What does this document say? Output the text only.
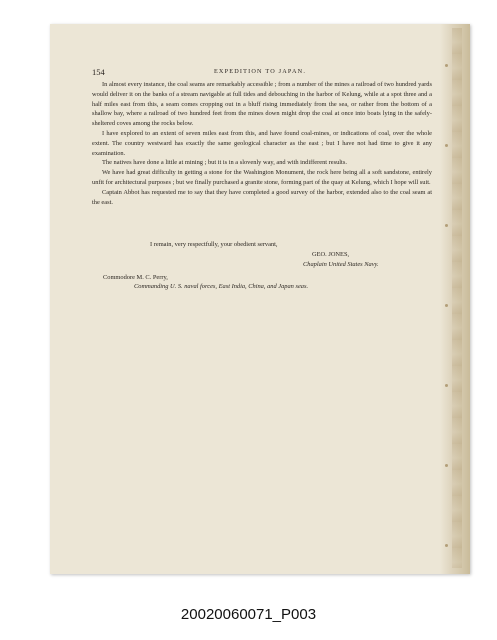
154	EXPEDITION TO JAPAN.

In almost every instance, the coal seams are remarkably accessible ; from a number of the mines a railroad of two hundred yards would deliver it on the banks of a stream navigable at full tides and debouching in the harbor of Kelung, while at a spot three and a half miles east from this, a seam comes cropping out in a bluff rising immediately from the sea, or rather from the bottom of a shallow bay, where a railroad of two hundred feet from the mines down might drop the coal at once into boats lying in the safely-sheltered coves among the rocks below.

I have explored to an extent of seven miles east from this, and have found coal-mines, or indications of coal, over the whole extent. The country westward has exactly the same geological character as the east ; but I have not had time to give it any examination.

The natives have done a little at mining ; but it is in a slovenly way, and with indifferent results.

We have had great difficulty in getting a stone for the Washington Monument, the rock here being all a soft sandstone, entirely unfit for architectural purposes ; but we finally purchased a granite stone, forming part of the quay at Kelung, which I hope will suit.

Captain Abbot has requested me to say that they have completed a good survey of the harbor, extended also to the coal seam at the east.

I remain, very respectfully, your obedient servant,
GEO. JONES,
Chaplain United States Navy.
Commodore M. C. Perry,
Commanding U. S. naval forces, East India, China, and Japan seas.
20020060071_P003
